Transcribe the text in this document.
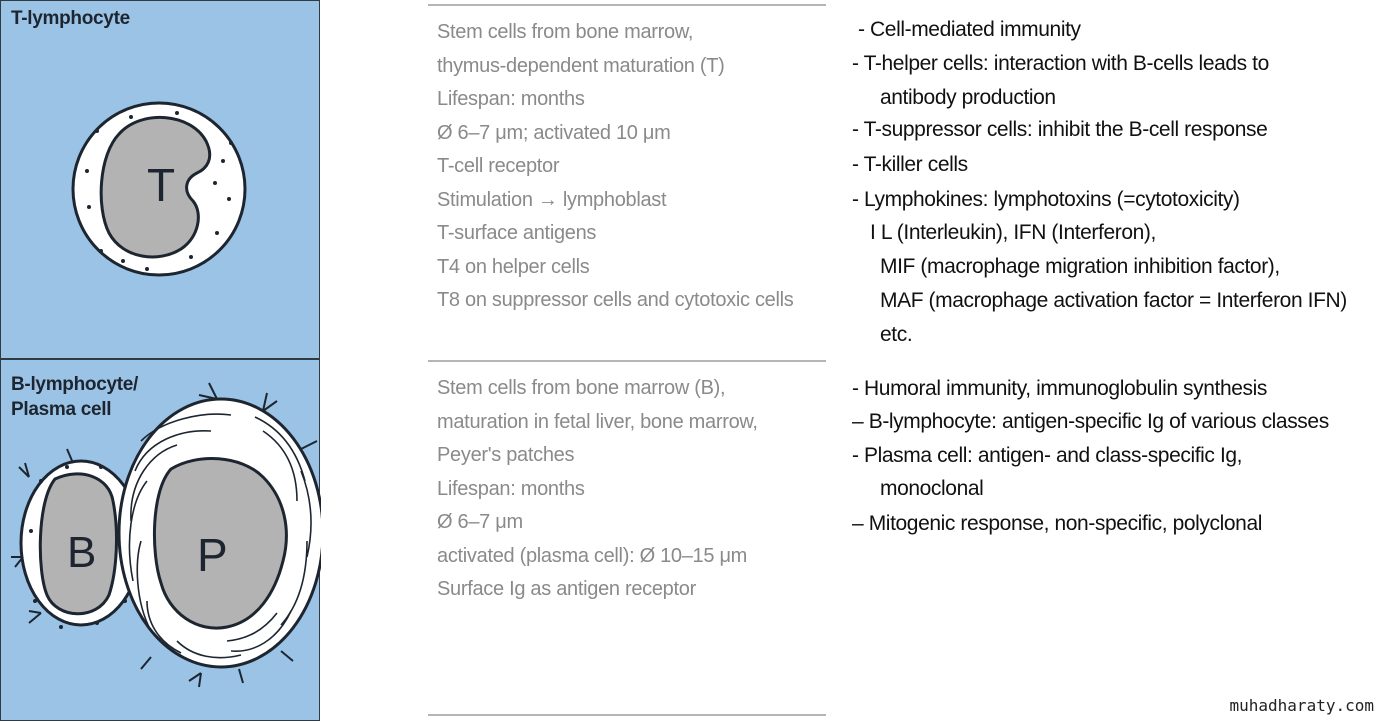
T
B P
T-lymphocyte
B-lymphocyte/
Plasma cell
Stem cells from bone marrow,
thymus-dependent maturation (T)
Lifespan: months
Ø 6–7 μm; activated 10 μm
T-cell receptor
Stimulation → lymphoblast
T-surface antigens
T4 on helper cells
T8 on suppressor cells and cytotoxic cells
Stem cells from bone marrow (B),
maturation in fetal liver, bone marrow,
Peyer's patches
Lifespan: months
Ø 6–7 μm
activated (plasma cell): Ø 10–15 μm
Surface Ig as antigen receptor
- Cell-mediated immunity
- T-helper cells: interaction with B-cells leads to
antibody production
- T-suppressor cells: inhibit the B-cell response
- T-killer cells
- Lymphokines: lymphotoxins (=cytotoxicity)
I L (Interleukin), IFN (Interferon),
MIF (macrophage migration inhibition factor),
MAF (macrophage activation factor = Interferon IFN)
etc.
- Humoral immunity, immunoglobulin synthesis
– B-lymphocyte: antigen-specific Ig of various classes
- Plasma cell: antigen- and class-specific Ig,
monoclonal
– Mitogenic response, non-specific, polyclonal
muhadharaty.com
